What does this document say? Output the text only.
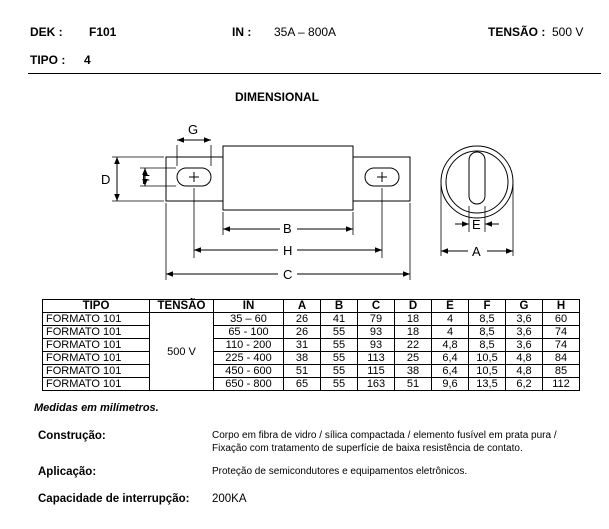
DEK : F101	IN : 35A – 800A	TENSÃO : 500 V
TIPO : 4
DIMENSIONAL
G
D F
B
H
C
E
A
TIPO	TENSÃO	IN	A	B	C	D	E	F	G	H
FORMATO 101	500 V	35 – 60	26	41	79	18	4	8,5	3,6	60
FORMATO 101		65 - 100	26	55	93	18	4	8,5	3,6	74
FORMATO 101		110 - 200	31	55	93	22	4,8	8,5	3,6	74
FORMATO 101		225 - 400	38	55	113	25	6,4	10,5	4,8	84
FORMATO 101		450 - 600	51	55	115	38	6,4	10,5	4,8	85
FORMATO 101		650 - 800	65	55	163	51	9,6	13,5	6,2	112
Medidas em milímetros.
Construção:	Corpo em fibra de vidro / sílica compactada / elemento fusível em prata pura /
Fixação com tratamento de superfície de baixa resistência de contato.
Aplicação:	Proteção de semicondutores e equipamentos eletrônicos.
Capacidade de interrupção: 200KA
